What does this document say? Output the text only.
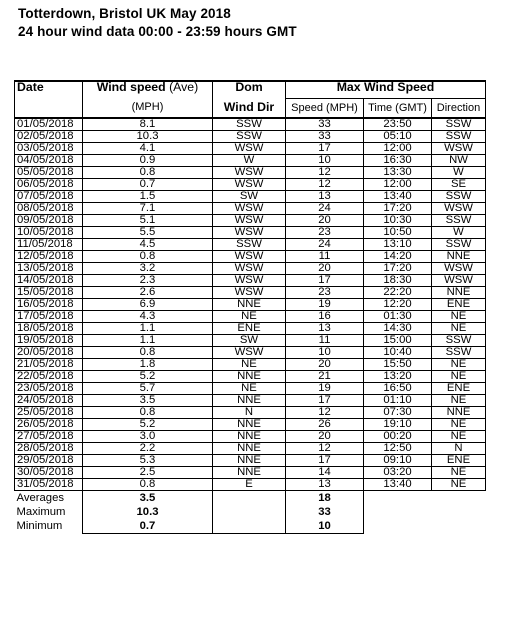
Totterdown, Bristol UK May 2018
24 hour wind data 00:00 - 23:59 hours GMT
Date	Wind speed (Ave)	Dom	Max Wind Speed		
	(MPH)	Wind Dir	Speed (MPH)	Time (GMT)	Direction
01/05/2018	8.1	SSW	33	23:50	SSW
02/05/2018	10.3	SSW	33	05:10	SSW
03/05/2018	4.1	WSW	17	12:00	WSW
04/05/2018	0.9	W	10	16:30	NW
05/05/2018	0.8	WSW	12	13:30	W
06/05/2018	0.7	WSW	12	12:00	SE
07/05/2018	1.5	SW	13	13:40	SSW
08/05/2018	7.1	WSW	24	17:20	WSW
09/05/2018	5.1	WSW	20	10:30	SSW
10/05/2018	5.5	WSW	23	10:50	W
11/05/2018	4.5	SSW	24	13:10	SSW
12/05/2018	0.8	WSW	11	14:20	NNE
13/05/2018	3.2	WSW	20	17:20	WSW
14/05/2018	2.3	WSW	17	18:30	WSW
15/05/2018	2.6	WSW	23	22:20	NNE
16/05/2018	6.9	NNE	19	12:20	ENE
17/05/2018	4.3	NE	16	01:30	NE
18/05/2018	1.1	ENE	13	14:30	NE
19/05/2018	1.1	SW	11	15:00	SSW
20/05/2018	0.8	WSW	10	10:40	SSW
21/05/2018	1.8	NE	20	15:50	NE
22/05/2018	5.2	NNE	21	13:20	NE
23/05/2018	5.7	NE	19	16:50	ENE
24/05/2018	3.5	NNE	17	01:10	NE
25/05/2018	0.8	N	12	07:30	NNE
26/05/2018	5.2	NNE	26	19:10	NE
27/05/2018	3.0	NNE	20	00:20	NE
28/05/2018	2.2	NNE	12	12:50	N
29/05/2018	5.3	NNE	17	09:10	ENE
30/05/2018	2.5	NNE	14	03:20	NE
31/05/2018	0.8	E	13	13:40	NE
Averages	3.5		18		
Maximum	10.3		33		
Minimum	0.7		10		
